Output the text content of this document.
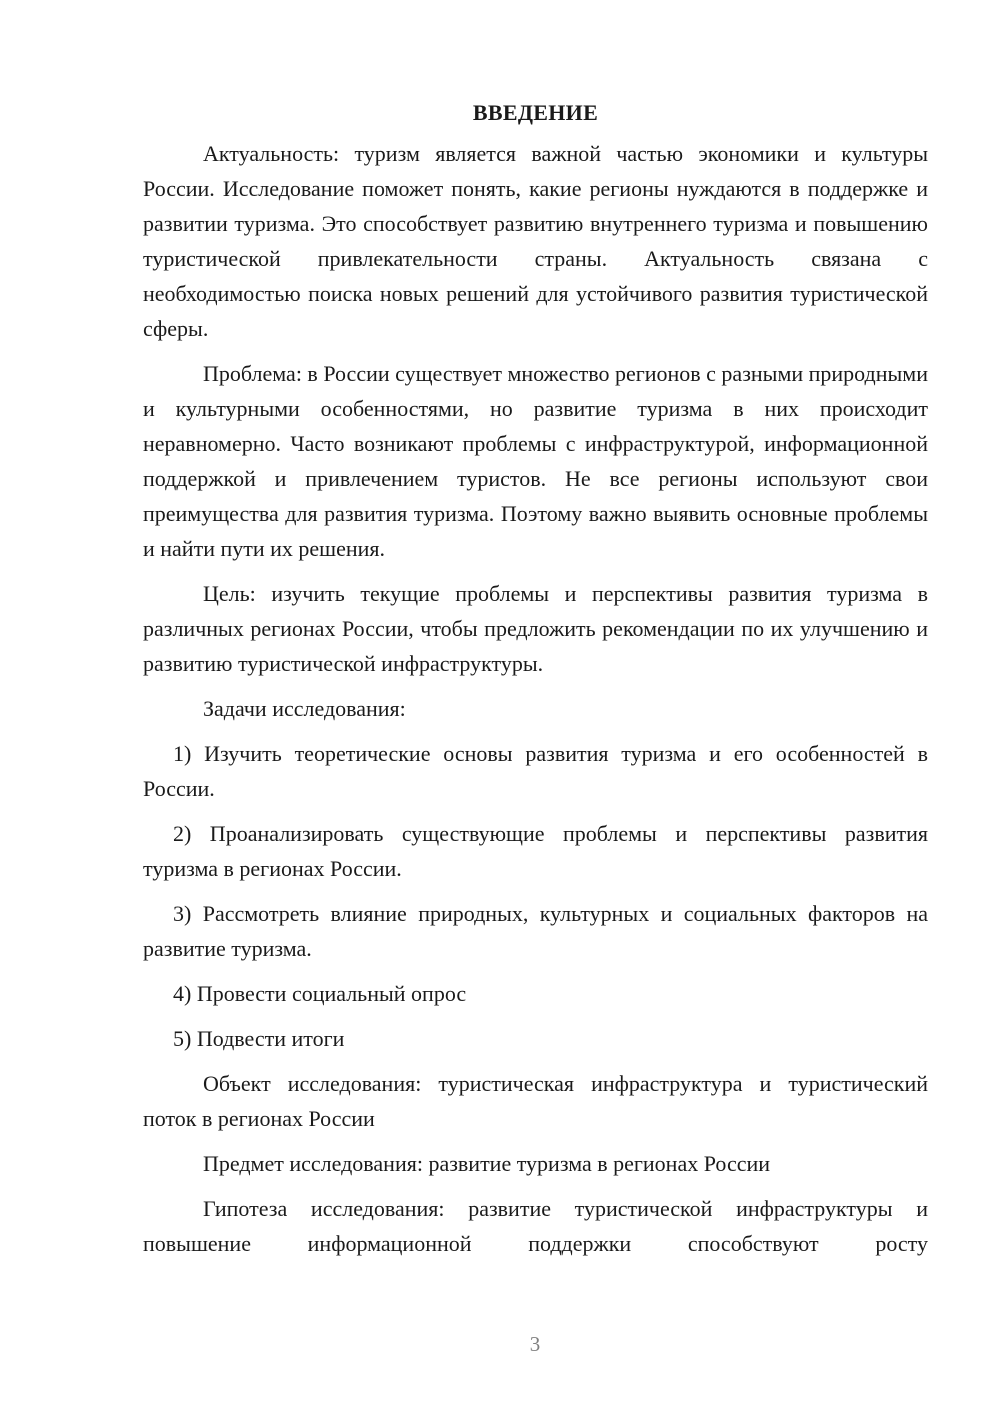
ВВЕДЕНИЕ

Актуальность: туризм является важной частью экономики и культуры России. Исследование поможет понять, какие регионы нуждаются в поддержке и развитии туризма. Это способствует развитию внутреннего туризма и повышению туристической привлекательности страны. Актуальность связана с необходимостью поиска новых решений для устойчивого развития туристической сферы.

Проблема: в России существует множество регионов с разными природными и культурными особенностями, но развитие туризма в них происходит неравномерно. Часто возникают проблемы с инфраструктурой, информационной поддержкой и привлечением туристов. Не все регионы используют свои преимущества для развития туризма. Поэтому важно выявить основные проблемы и найти пути их решения.

Цель: изучить текущие проблемы и перспективы развития туризма в различных регионах России, чтобы предложить рекомендации по их улучшению и развитию туристической инфраструктуры.

Задачи исследования:

1) Изучить теоретические основы развития туризма и его особенностей в России.

2) Проанализировать существующие проблемы и перспективы развития туризма в регионах России.

3) Рассмотреть влияние природных, культурных и социальных факторов на развитие туризма.

4) Провести социальный опрос

5) Подвести итоги

Объект исследования: туристическая инфраструктура и туристический поток в регионах России

Предмет исследования: развитие туризма в регионах России

Гипотеза исследования: развитие туристической инфраструктуры и повышение информационной поддержки способствуют росту

3
